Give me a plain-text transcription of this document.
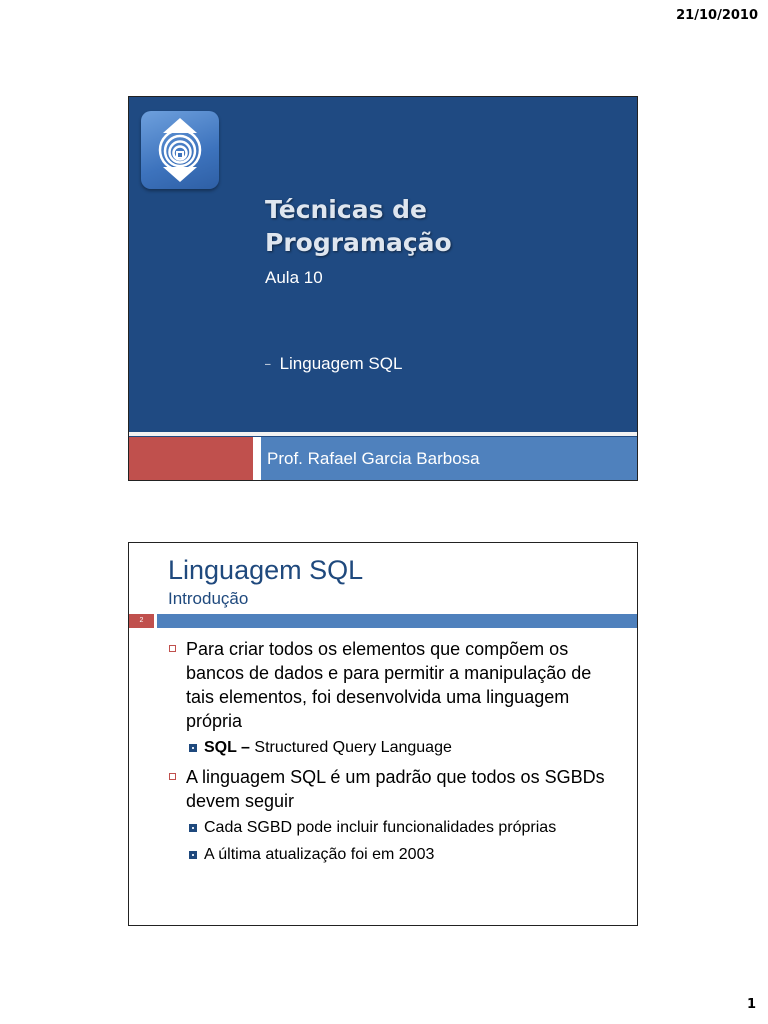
21/10/2010
Técnicas de
Programação
Aula 10
– Linguagem SQL
Prof. Rafael Garcia Barbosa
Linguagem SQL
Introdução
2
Para criar todos os elementos que compõem os bancos de dados e para permitir a manipulação de tais elementos, foi desenvolvida uma linguagem própria
SQL – Structured Query Language
A linguagem SQL é um padrão que todos os SGBDs devem seguir
Cada SGBD pode incluir funcionalidades próprias
A última atualização foi em 2003
1
